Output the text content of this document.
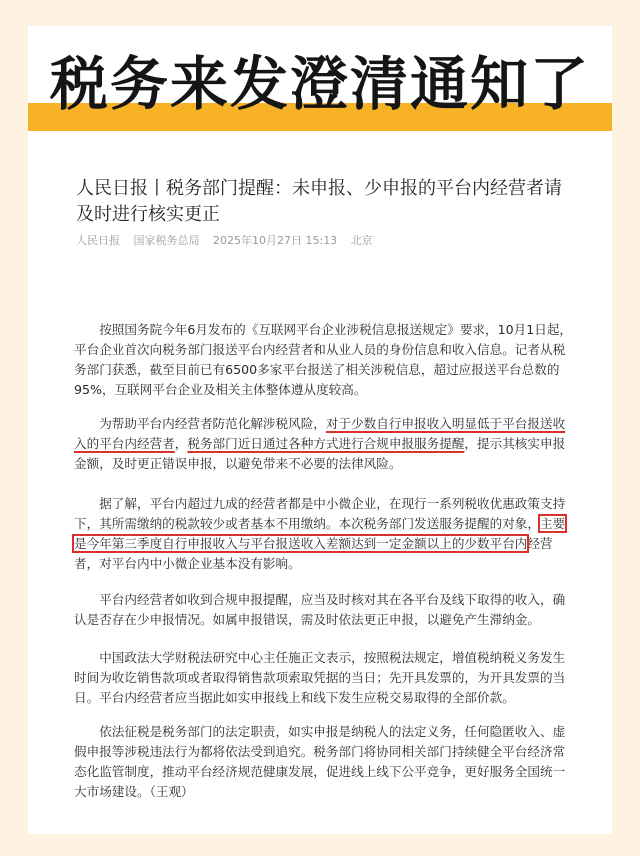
税务来发澄清通知了
人民日报丨税务部门提醒：未申报、少申报的平台内经营者请及时进行核实更正
人民日报 国家税务总局 2025年10月27日 15:13 北京

按照国务院今年6月发布的《互联网平台企业涉税信息报送规定》要求，10月1日起，平台企业首次向税务部门报送平台内经营者和从业人员的身份信息和收入信息。记者从税务部门获悉，截至目前已有6500多家平台报送了相关涉税信息，超过应报送平台总数的95%，互联网平台企业及相关主体整体遵从度较高。

为帮助平台内经营者防范化解涉税风险，对于少数自行申报收入明显低于平台报送收入的平台内经营者，税务部门近日通过各种方式进行合规申报服务提醒，提示其核实申报金额，及时更正错误申报，以避免带来不必要的法律风险。

据了解，平台内超过九成的经营者都是中小微企业，在现行一系列税收优惠政策支持下，其所需缴纳的税款较少或者基本不用缴纳。本次税务部门发送服务提醒的对象，主要是今年第三季度自行申报收入与平台报送收入差额达到一定金额以上的少数平台内经营者，对平台内中小微企业基本没有影响。

平台内经营者如收到合规申报提醒，应当及时核对其在各平台及线下取得的收入，确认是否存在少申报情况。如属申报错误，需及时依法更正申报，以避免产生滞纳金。

中国政法大学财税法研究中心主任施正文表示，按照税法规定，增值税纳税义务发生时间为收讫销售款项或者取得销售款项索取凭据的当日；先开具发票的，为开具发票的当日。平台内经营者应当据此如实申报线上和线下发生应税交易取得的全部价款。

依法征税是税务部门的法定职责，如实申报是纳税人的法定义务，任何隐匿收入、虚假申报等涉税违法行为都将依法受到追究。税务部门将协同相关部门持续健全平台经济常态化监管制度，推动平台经济规范健康发展，促进线上线下公平竞争，更好服务全国统一大市场建设。（王观）
